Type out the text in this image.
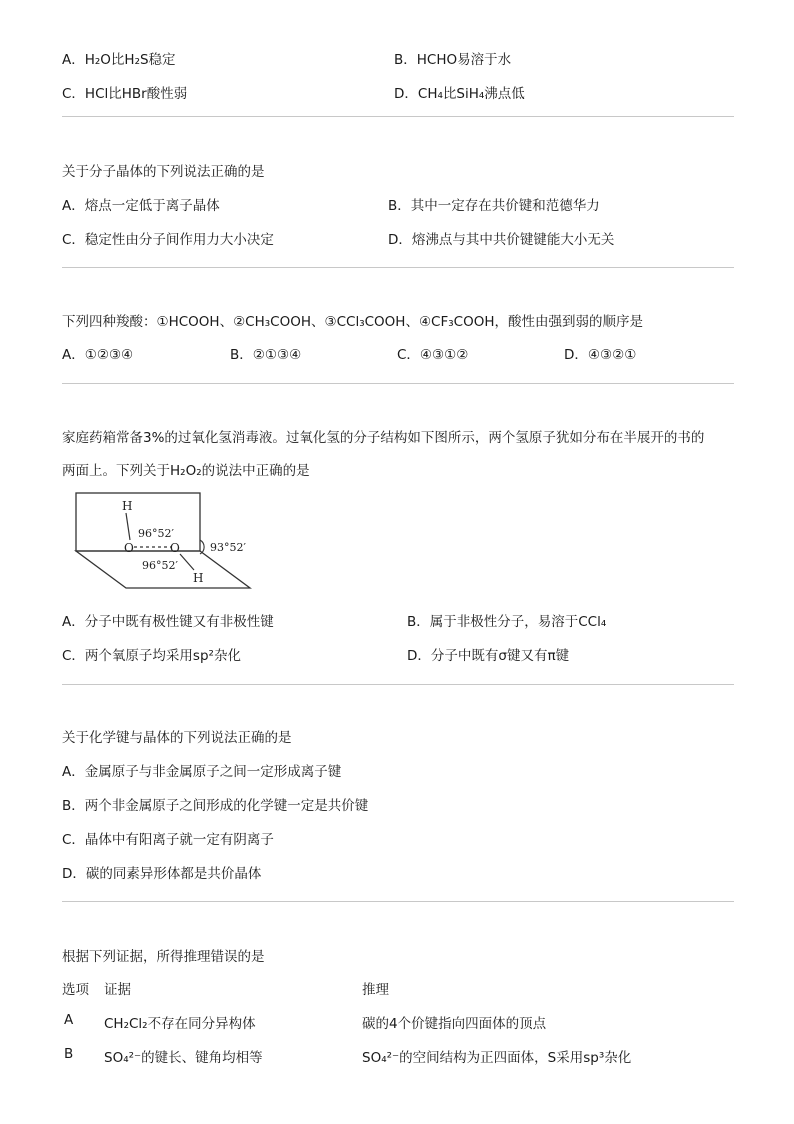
A．H₂O比H₂S稳定	B．HCHO易溶于水
C．HCl比HBr酸性弱	D．CH₄比SiH₄沸点低
关于分子晶体的下列说法正确的是
A．熔点一定低于离子晶体	B．其中一定存在共价键和范德华力
C．稳定性由分子间作用力大小决定	D．熔沸点与其中共价键键能大小无关
下列四种羧酸：①HCOOH、②CH₃COOH、③CCl₃COOH、④CF₃COOH，酸性由强到弱的顺序是
A．①②③④	B．②①③④	C．④③①②	D．④③②①
家庭药箱常备3%的过氧化氢消毒液。过氧化氢的分子结构如下图所示，两个氢原子犹如分布在半展开的书的
两面上。下列关于H₂O₂的说法中正确的是
H
O	O
H
96°52′
96°52′
93°52′
A．分子中既有极性键又有非极性键	B．属于非极性分子，易溶于CCl₄
C．两个氧原子均采用sp²杂化	D．分子中既有σ键又有π键
关于化学键与晶体的下列说法正确的是
A．金属原子与非金属原子之间一定形成离子键
B．两个非金属原子之间形成的化学键一定是共价键
C．晶体中有阳离子就一定有阴离子
D．碳的同素异形体都是共价晶体
根据下列证据，所得推理错误的是
选项 证据	推理
A CH₂Cl₂不存在同分异构体	碳的4个价键指向四面体的顶点
B SO₄²⁻的键长、键角均相等	SO₄²⁻的空间结构为正四面体，S采用sp³杂化
